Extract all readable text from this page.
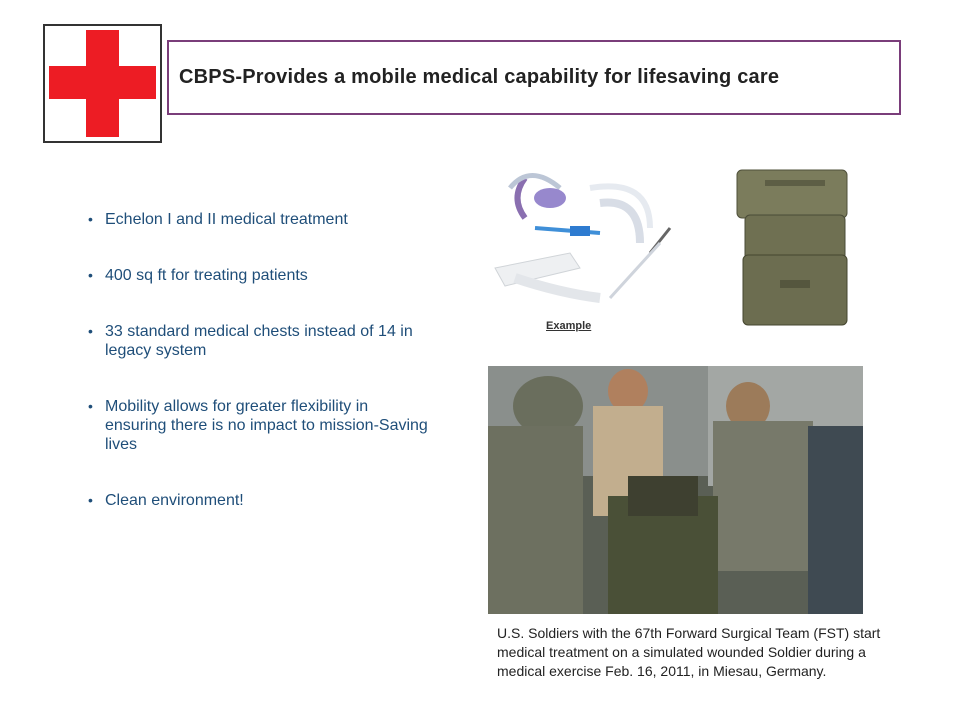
CBPS-Provides a mobile medical capability for lifesaving care
• Echelon I and II medical treatment
• 400 sq ft for treating patients
• 33 standard medical chests instead of 14 in legacy system
• Mobility allows for greater flexibility in ensuring there is no impact to mission-Saving lives
• Clean environment!
Example
U.S. Soldiers with the 67th Forward Surgical Team (FST) start medical treatment on a simulated wounded Soldier during a medical exercise Feb. 16, 2011, in Miesau, Germany.
